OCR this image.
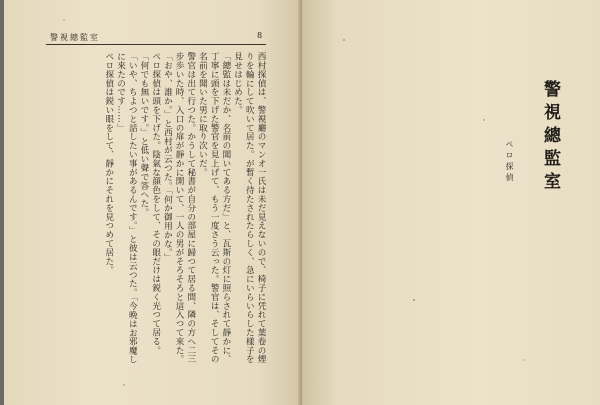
警視總監室	8

西村探偵は、警視廳のマンオ一氏は未だ見えないので、椅子に凭れて葉卷の煙りを輪にして吹いて居た。が暫く待たされたらしく、急にいらいらした樣子を見せはじめた。

「總監は未だか、名前の聞いてある方だ」と、瓦斯の灯に照らされて靜かに、丁寧に頭を下げた警官を見上げて、もう一度さう云った。警官は、そしてその名前を聞いた男に取り次いだ。

警官は出て行つた。かうして秘書が自分の部屋に歸つて居る間、隣の方へ二三步歩いた時、入口の扉が靜かに開いて、一人の男がそろそろと這入つて來た。

「おや、誰か。」と西村が云つた。「何か御用かな。」

ペロ探偵は頭を下げた。陰氣な顔色をして、その眼だけは鋭く光つて居る。

「何でも無いです。」と低い聲で答へた。

「いや、ちよつと話したい事があるんです。」と彼は云つた。「今晩はお邪魔しに來たのです……」

ペロ探偵は鋭い眼をして、靜かにそれを見つめて居た。	警視總監室
ペロ探偵
